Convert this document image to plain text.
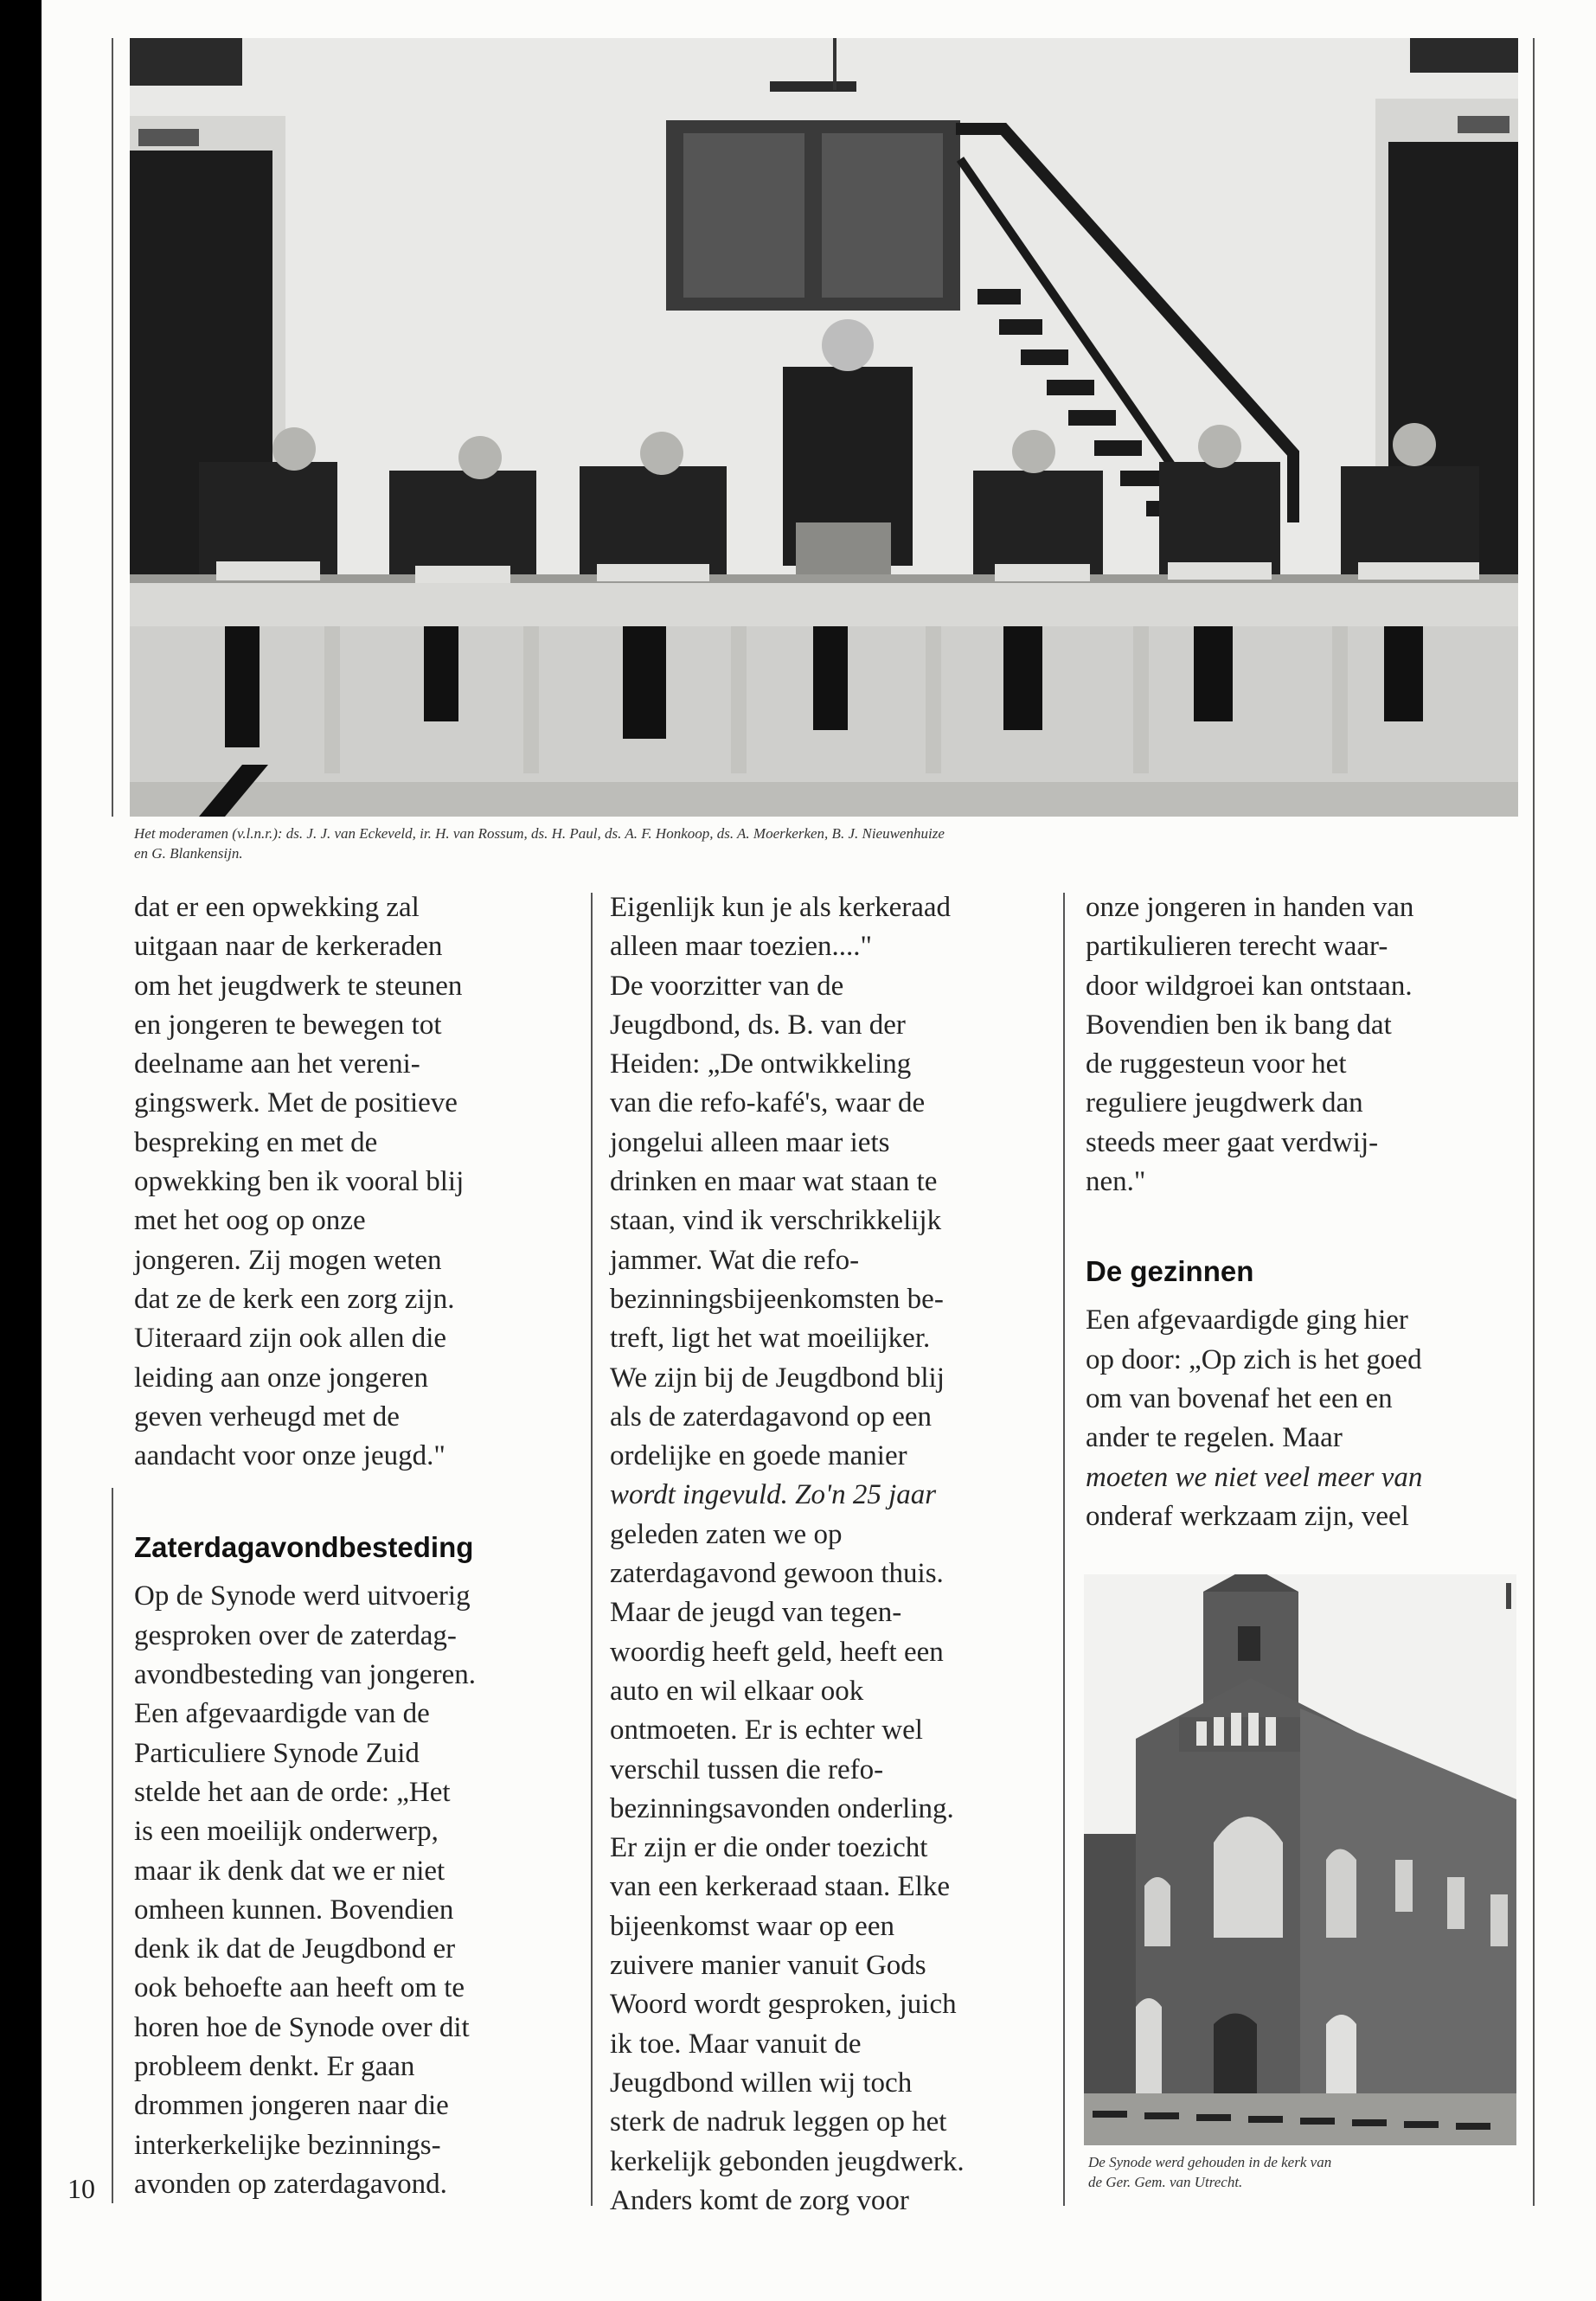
Het moderamen (v.l.n.r.): ds. J. J. van Eckeveld, ir. H. van Rossum, ds. H. Paul, ds. A. F. Honkoop, ds. A. Moerkerken, B. J. Nieuwenhuize
en G. Blankensijn.

dat er een opwekking zal
uitgaan naar de kerkeraden
om het jeugdwerk te steunen
en jongeren te bewegen tot
deelname aan het vereni-
gingswerk. Met de positieve
bespreking en met de
opwekking ben ik vooral blij
met het oog op onze
jongeren. Zij mogen weten
dat ze de kerk een zorg zijn.
Uiteraard zijn ook allen die
leiding aan onze jongeren
geven verheugd met de
aandacht voor onze jeugd."

Zaterdagavondbesteding

Op de Synode werd uitvoerig
gesproken over de zaterdag-
avondbesteding van jongeren.
Een afgevaardigde van de
Particuliere Synode Zuid
stelde het aan de orde: „Het
is een moeilijk onderwerp,
maar ik denk dat we er niet
omheen kunnen. Bovendien
denk ik dat de Jeugdbond er
ook behoefte aan heeft om te
horen hoe de Synode over dit
probleem denkt. Er gaan
drommen jongeren naar die
interkerkelijke bezinnings-
avonden op zaterdagavond.

Eigenlijk kun je als kerkeraad
alleen maar toezien...."
De voorzitter van de
Jeugdbond, ds. B. van der
Heiden: „De ontwikkeling
van die refo-kafé's, waar de
jongelui alleen maar iets
drinken en maar wat staan te
staan, vind ik verschrikkelijk
jammer. Wat die refo-
bezinningsbijeenkomsten be-
treft, ligt het wat moeilijker.
We zijn bij de Jeugdbond blij
als de zaterdagavond op een
ordelijke en goede manier
wordt ingevuld. Zo'n 25 jaar
geleden zaten we op
zaterdagavond gewoon thuis.
Maar de jeugd van tegen-
woordig heeft geld, heeft een
auto en wil elkaar ook
ontmoeten. Er is echter wel
verschil tussen die refo-
bezinningsavonden onderling.
Er zijn er die onder toezicht
van een kerkeraad staan. Elke
bijeenkomst waar op een
zuivere manier vanuit Gods
Woord wordt gesproken, juich
ik toe. Maar vanuit de
Jeugdbond willen wij toch
sterk de nadruk leggen op het
kerkelijk gebonden jeugdwerk.
Anders komt de zorg voor

onze jongeren in handen van
partikulieren terecht waar-
door wildgroei kan ontstaan.
Bovendien ben ik bang dat
de ruggesteun voor het
reguliere jeugdwerk dan
steeds meer gaat verdwij-
nen."

De gezinnen

Een afgevaardigde ging hier
op door: „Op zich is het goed
om van bovenaf het een en
ander te regelen. Maar
moeten we niet veel meer van
onderaf werkzaam zijn, veel

De Synode werd gehouden in de kerk van
de Ger. Gem. van Utrecht.
10
